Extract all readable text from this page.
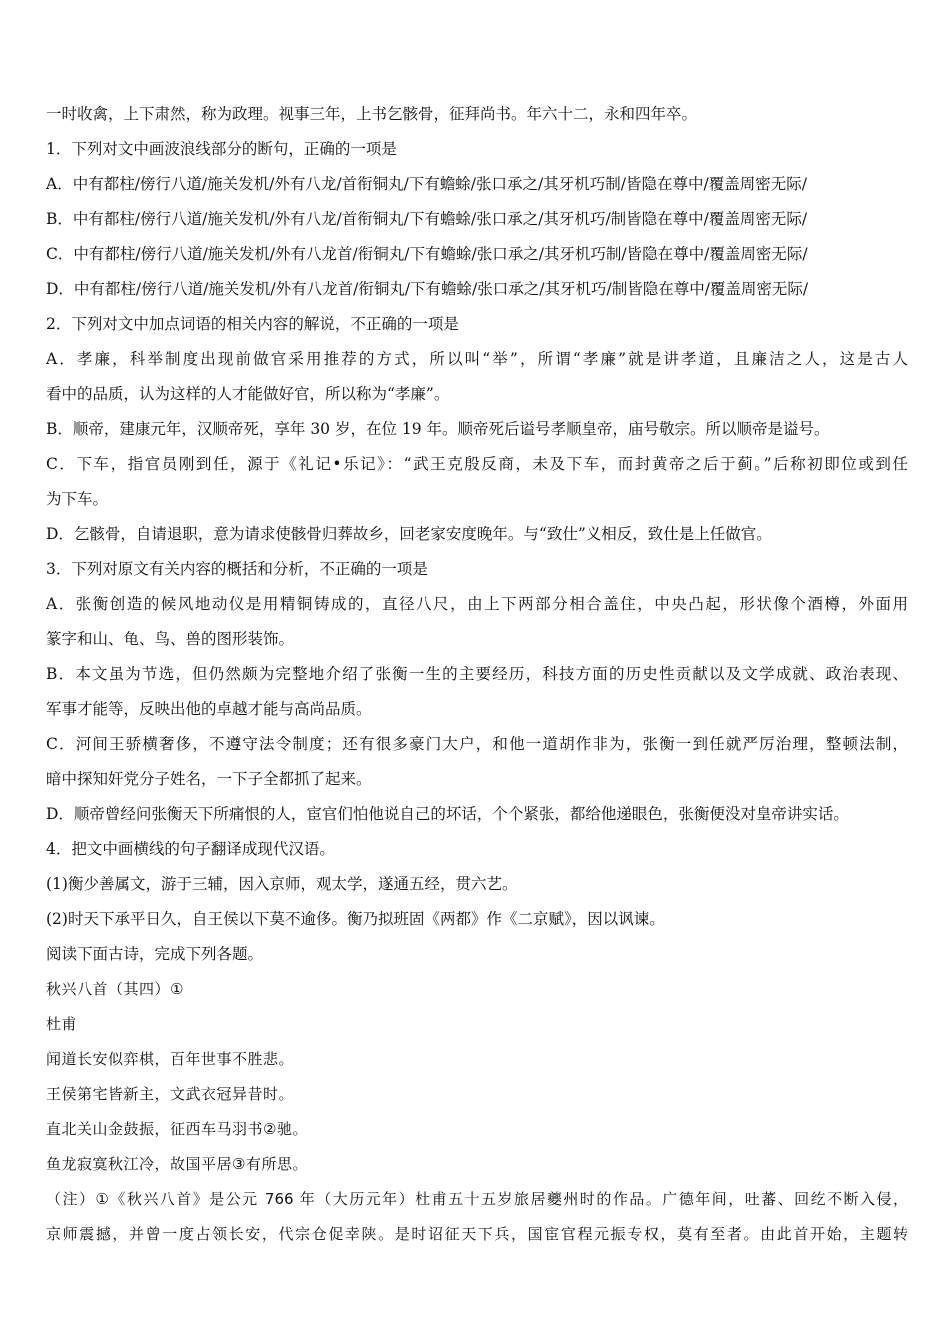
一时收禽，上下肃然，称为政理。视事三年，上书乞骸骨，征拜尚书。年六十二，永和四年卒。
1．下列对文中画波浪线部分的断句，正确的一项是
A．中有都柱/傍行八道/施关发机/外有八龙/首衔铜丸/下有蟾蜍/张口承之/其牙机巧制/皆隐在尊中/覆盖周密无际/
B．中有都柱/傍行八道/施关发机/外有八龙/首衔铜丸/下有蟾蜍/张口承之/其牙机巧/制皆隐在尊中/覆盖周密无际/
C．中有都柱/傍行八道/施关发机/外有八龙首/衔铜丸/下有蟾蜍/张口承之/其牙机巧制/皆隐在尊中/覆盖周密无际/
D．中有都柱/傍行八道/施关发机/外有八龙首/衔铜丸/下有蟾蜍/张口承之/其牙机巧/制皆隐在尊中/覆盖周密无际/
2．下列对文中加点词语的相关内容的解说，不正确的一项是
A．孝廉，科举制度出现前做官采用推荐的方式，所以叫“举”，所谓“孝廉”就是讲孝道，且廉洁之人，这是古人
看中的品质，认为这样的人才能做好官，所以称为“孝廉”。
B．顺帝，建康元年，汉顺帝死，享年 30 岁，在位 19 年。顺帝死后谥号孝顺皇帝，庙号敬宗。所以顺帝是谥号。
C．下车，指官员刚到任，源于《礼记•乐记》：“武王克殷反商，未及下车，而封黄帝之后于蓟。”后称初即位或到任
为下车。
D．乞骸骨，自请退职，意为请求使骸骨归葬故乡，回老家安度晚年。与“致仕”义相反，致仕是上任做官。
3．下列对原文有关内容的概括和分析，不正确的一项是
A．张衡创造的候风地动仪是用精铜铸成的，直径八尺，由上下两部分相合盖住，中央凸起，形状像个酒樽，外面用
篆字和山、龟、鸟、兽的图形装饰。
B．本文虽为节选，但仍然颇为完整地介绍了张衡一生的主要经历，科技方面的历史性贡献以及文学成就、政治表现、
军事才能等，反映出他的卓越才能与高尚品质。
C．河间王骄横奢侈，不遵守法令制度；还有很多豪门大户，和他一道胡作非为，张衡一到任就严厉治理，整顿法制，
暗中探知奸党分子姓名，一下子全都抓了起来。
D．顺帝曾经问张衡天下所痛恨的人，宦官们怕他说自己的坏话，个个紧张，都给他递眼色，张衡便没对皇帝讲实话。
4．把文中画横线的句子翻译成现代汉语。
(1)衡少善属文，游于三辅，因入京师，观太学，遂通五经，贯六艺。
(2)时天下承平日久，自王侯以下莫不逾侈。衡乃拟班固《两都》作《二京赋》，因以讽谏。
阅读下面古诗，完成下列各题。
秋兴八首（其四）①
杜甫
闻道长安似弈棋，百年世事不胜悲。
王侯第宅皆新主，文武衣冠异昔时。
直北关山金鼓振，征西车马羽书②驰。
鱼龙寂寞秋江冷，故国平居③有所思。
（注）①《秋兴八首》是公元 766 年（大历元年）杜甫五十五岁旅居夔州时的作品。广德年间，吐蕃、回纥不断入侵，
京师震撼，并曾一度占领长安，代宗仓促幸陕。是时诏征天下兵，国宦官程元振专权，莫有至者。由此首开始，主题转
